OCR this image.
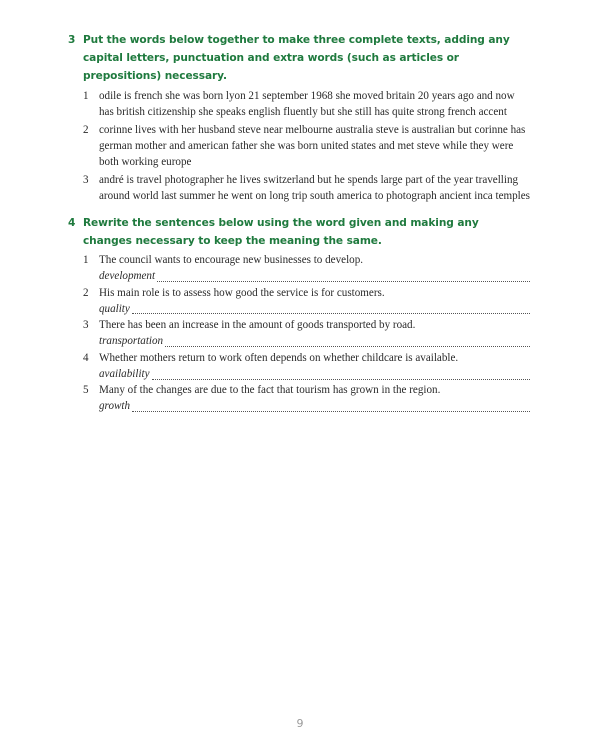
3 Put the words below together to make three complete texts, adding any capital letters, punctuation and extra words (such as articles or prepositions) necessary.
1 odile is french she was born lyon 21 september 1968 she moved britain 20 years ago and now has british citizenship she speaks english fluently but she still has quite strong french accent
2 corinne lives with her husband steve near melbourne australia steve is australian but corinne has german mother and american father she was born united states and met steve while they were both working europe
3 andré is travel photographer he lives switzerland but he spends large part of the year travelling around world last summer he went on long trip south america to photograph ancient inca temples
4 Rewrite the sentences below using the word given and making any changes necessary to keep the meaning the same.
1 The council wants to encourage new businesses to develop.
development
2 His main role is to assess how good the service is for customers.
quality
3 There has been an increase in the amount of goods transported by road.
transportation
4 Whether mothers return to work often depends on whether childcare is available.
availability
5 Many of the changes are due to the fact that tourism has grown in the region.
growth
9
